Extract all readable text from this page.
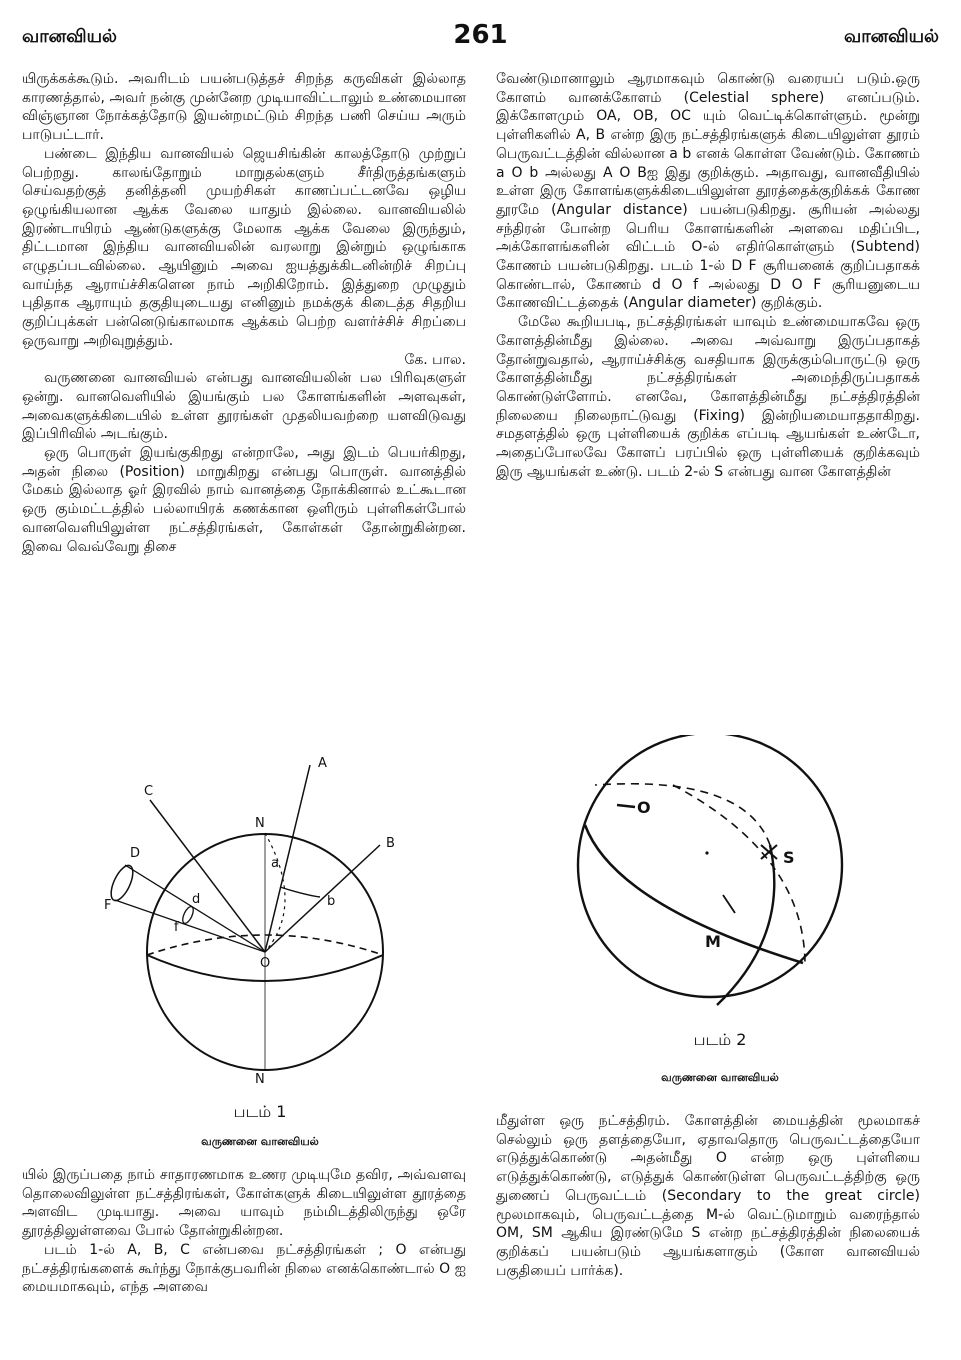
வானவியல்	261	வானவியல்

யிருக்கக்கூடும். அவரிடம் பயன்படுத்தச் சிறந்த கருவிகள் இல்லாத காரணத்தால், அவர் நன்கு முன்னேற முடியாவிட்டாலும் உண்மையான விஞ்ஞான நோக்கத்தோடு இயன்றமட்டும் சிறந்த பணி செய்ய அரும் பாடுபட்டார்.

பண்டை இந்திய வானவியல் ஜெயசிங்கின் காலத்தோடு முற்றுப் பெற்றது. காலங்தோறும் மாறுதல்களும் சீர்திருத்தங்களும் செய்வதற்குத் தனித்தனி முயற்சிகள் காணப்பட்டனவே ஒழிய ஒழுங்கியலான ஆக்க வேலை யாதும் இல்லை. வானவியலில் இரண்டாயிரம் ஆண்டுகளுக்கு மேலாக ஆக்க வேலை இருந்தும், திட்டமான இந்திய வானவியலின் வரலாறு இன்றும் ஒழுங்காக எழுதப்படவில்லை. ஆயினும் அவை ஐயத்துக்கிடனின்றிச் சிறப்பு வாய்ந்த ஆராய்ச்சிகளென நாம் அறிகிறோம். இத்துறை முழுதும் புதிதாக ஆராயும் தகுதியுடையது எனினும் நமக்குக் கிடைத்த சிதறிய குறிப்புக்கள் பன்னெடுங்காலமாக ஆக்கம் பெற்ற வளர்ச்சிச் சிறப்பை ஒருவாறு அறிவுறுத்தும்.

கே. பால.

வருணனை வானவியல் என்பது வானவியலின் பல பிரிவுகளுள் ஒன்று. வானவெளியில் இயங்கும் பல கோளங்களின் அளவுகள், அவைகளுக்கிடையில் உள்ள தூரங்கள் முதலியவற்றை யளவிடுவது இப்பிரிவில் அடங்கும்.

ஒரு பொருள் இயங்குகிறது என்றாலே, அது இடம் பெயர்கிறது, அதன் நிலை (Position) மாறுகிறது என்பது பொருள். வானத்தில் மேகம் இல்லாத ஓர் இரவில் நாம் வானத்தை நோக்கினால் உட்கூடான ஒரு கும்மட்டத்தில் பல்லாயிரக் கணக்கான ஒளிரும் புள்ளிகள்போல் வானவெளியிலுள்ள நட்சத்திரங்கள், கோள்கள் தோன்றுகின்றன. இவை வெவ்வேறு திசை

வேண்டுமானாலும் ஆரமாகவும் கொண்டு வரையப் படும்.ஒரு கோளம் வானக்கோளம் (Celestial sphere) எனப்படும். இக்கோளமும் OA, OB, OC யும் வெட்டிக்கொள்ளும். மூன்று புள்ளிகளில் A, B என்ற இரு நட்சத்திரங்களுக் கிடையிலுள்ள தூரம் பெருவட்டத்தின் வில்லான a b எனக் கொள்ள வேண்டும். கோணம் a O b அல்லது A O Bஐ இது குறிக்கும். அதாவது, வானவீதியில் உள்ள இரு கோளங்களுக்கிடையிலுள்ள தூரத்தைக்குறிக்கக் கோண தூரமே (Angular distance) பயன்படுகிறது. சூரியன் அல்லது சந்திரன் போன்ற பெரிய கோளங்களின் அளவை மதிப்பிட, அக்கோளங்களின் விட்டம் O-ல் எதிர்கொள்ளும் (Subtend) கோணம் பயன்படுகிறது. படம் 1-ல் D F சூரியனைக் குறிப்பதாகக் கொண்டால், கோணம் d O f அல்லது D O F சூரியனுடைய கோணவிட்டத்தைக் (Angular diameter) குறிக்கும்.

மேலே கூறியபடி, நட்சத்திரங்கள் யாவும் உண்மையாகவே ஒரு கோளத்தின்மீது இல்லை. அவை அவ்வாறு இருப்பதாகத் தோன்றுவதால், ஆராய்ச்சிக்கு வசதியாக இருக்கும்பொருட்டு ஒரு கோளத்தின்மீது நட்சத்திரங்கள் அமைந்திருப்பதாகக் கொண்டுள்ளோம். எனவே, கோளத்தின்மீது நட்சத்திரத்தின் நிலையை நிலைநாட்டுவது (Fixing) இன்றியமையாததாகிறது. சமதளத்தில் ஒரு புள்ளியைக் குறிக்க எப்படி ஆயங்கள் உண்டோ, அதைப்போலவே கோளப் பரப்பில் ஒரு புள்ளியைக் குறிக்கவும் இரு ஆயங்கள் உண்டு. படம் 2-ல் S என்பது வான கோளத்தின்

A
B
C
D
F	d
f
a
b
O
N
N
படம் 1
வருணனை வானவியல்
O
S
M
படம் 2
வருணனை வானவியல்

யில் இருப்பதை நாம் சாதாரணமாக உணர முடியுமே தவிர, அவ்வளவு தொலைவிலுள்ள நட்சத்திரங்கள், கோள்களுக் கிடையிலுள்ள தூரத்தை அளவிட முடியாது. அவை யாவும் நம்மிடத்திலிருந்து ஒரே தூரத்திலுள்ளவை போல் தோன்றுகின்றன.

படம் 1-ல் A, B, C என்பவை நட்சத்திரங்கள் ; O என்பது நட்சத்திரங்களைக் கூர்ந்து நோக்குபவரின் நிலை எனக்கொண்டால் O ஐ மையமாகவும், எந்த அளவை

மீதுள்ள ஒரு நட்சத்திரம். கோளத்தின் மையத்தின் மூலமாகச் செல்லும் ஒரு தளத்தையோ, ஏதாவதொரு பெருவட்டத்தையோ எடுத்துக்கொண்டு அதன்மீது O என்ற ஒரு புள்ளியை எடுத்துக்கொண்டு, எடுத்துக் கொண்டுள்ள பெருவட்டத்திற்கு ஒரு துணைப் பெருவட்டம் (Secondary to the great circle) மூலமாகவும், பெருவட்டத்தை M-ல் வெட்டுமாறும் வரைந்தால் OM, SM ஆகிய இரண்டுமே S என்ற நட்சத்திரத்தின் நிலையைக் குறிக்கப் பயன்படும் ஆயங்களாகும் (கோள வானவியல் பகுதியைப் பார்க்க).
